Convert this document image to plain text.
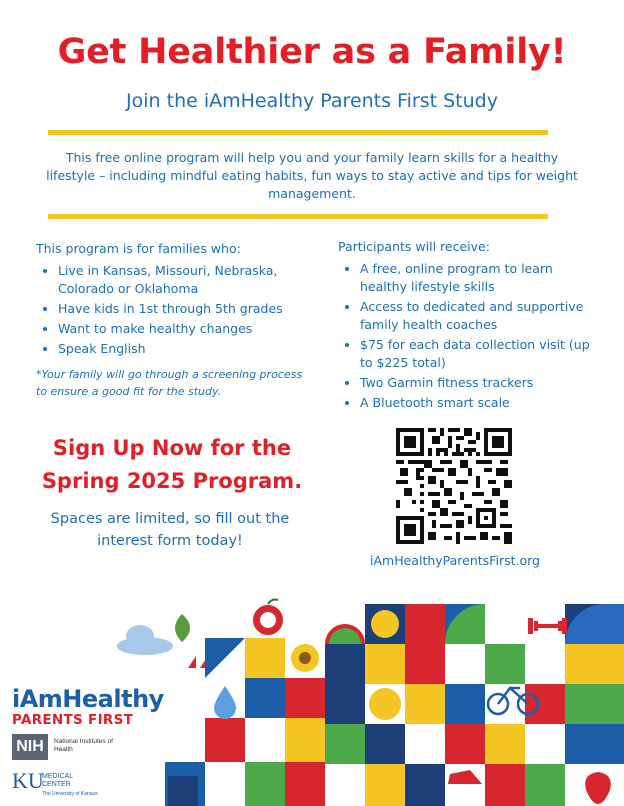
Get Healthier as a Family!

Join the iAmHealthy Parents First Study

This free online program will help you and your family learn skills for a healthy lifestyle – including mindful eating habits, fun ways to stay active and tips for weight management.

This program is for families who:
• Live in Kansas, Missouri, Nebraska, Colorado or Oklahoma
• Have kids in 1st through 5th grades
• Want to make healthy changes
• Speak English

*Your family will go through a screening process to ensure a good fit for the study.

Participants will receive:
• A free, online program to learn healthy lifestyle skills
• Access to dedicated and supportive family health coaches
• $75 for each data collection visit (up to $225 total)
• Two Garmin fitness trackers
• A Bluetooth smart scale

Sign Up Now for the Spring 2025 Program.

Spaces are limited, so fill out the interest form today!

iAmHealthyParentsFirst.org

iAmHealthy

PARENTS FIRST

NIH	National Institutes of Health
KU
MEDICAL CENTER
The University of Kansas
